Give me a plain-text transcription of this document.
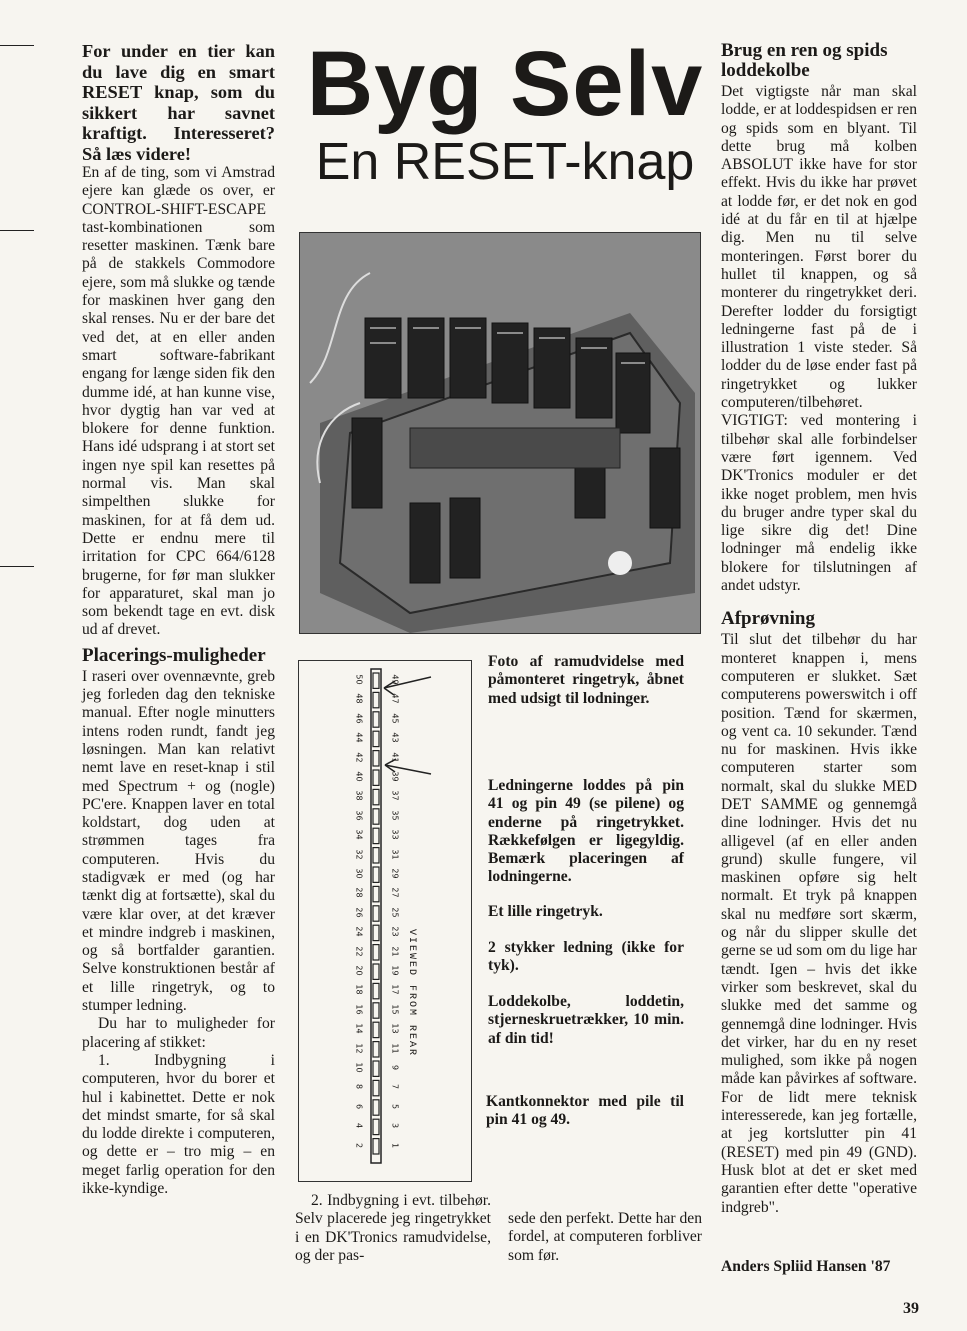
For under en tier kan du lave dig en smart RESET knap, som du sikkert har savnet kraftigt. Interesseret? Så læs videre!

En af de ting, som vi Amstrad ejere kan glæde os over, er CONTROL-SHIFT-ESCAPE tast-kombinationen som resetter maskinen. Tænk bare på de stakkels Commodore ejere, som må slukke og tænde for maskinen hver gang den skal renses. Nu er der bare det ved det, at en eller anden smart software-fabrikant engang for længe siden fik den dumme idé, at han kunne vise, hvor dygtig han var ved at blokere for denne funktion. Hans idé udsprang i at stort set ingen nye spil kan resettes på normal vis. Man skal simpelthen slukke for maskinen, for at få dem ud. Dette er endnu mere til irritation for CPC 664/6128 brugerne, for før man slukker for apparaturet, skal man jo som bekendt tage en evt. disk ud af drevet.

Placerings-muligheder

I raseri over ovennævnte, greb jeg forleden dag den tekniske manual. Efter nogle minutters intens roden rundt, fandt jeg løsningen. Man kan relativt nemt lave en reset-knap i stil med Spectrum + og (nogle) PC'ere. Knappen laver en total koldstart, dog uden at strømmen tages fra computeren. Hvis du stadigvæk er med (og har tænkt dig at fortsætte), skal du være klar over, at det kræver et mindre indgreb i maskinen, og så bortfalder garantien. Selve konstruktionen består af et lille ringetryk, og to stumper ledning.

Du har to muligheder for placering af stikket:

1. Indbygning i computeren, hvor du borer et hul i kabinettet. Dette er nok det mindst smarte, for så skal du lodde direkte i computeren, og dette er – tro mig – en meget farlig operation for den ikke-kyndige.

Byg Selv
En RESET-knap
50
48
46
44
42
40
38
36
34
32
30
28
26
24
22
20
18
16
14
12
10
8
6
4
2
49
47
45
43
41
39
37
35
33
31
29
27
25
23
21
19
17
15
13
11
9
7
5
3
1
VIEWED FROM REAR
Foto af ramudvidelse med påmonteret ringetryk, åbnet med udsigt til lodninger.
Ledningerne loddes på pin 41 og pin 49 (se pilene) og enderne på ringetrykket. Rækkefølgen er ligegyldig. Bemærk placeringen af lodningerne.
Et lille ringetryk.
2 stykker ledning (ikke for tyk).
Loddekolbe, loddetin, stjerneskruetrækker, 10 min. af din tid!
Kantkonnektor med pile til pin 41 og 49.

2. Indbygning i evt. tilbehør. Selv placerede jeg ringetrykket i en DK'Tronics ramudvidelse, og der pas-

sede den perfekt. Dette har den fordel, at computeren forbliver som før.

Brug en ren og spids loddekolbe

Det vigtigste når man skal lodde, er at loddespidsen er ren og spids som en blyant. Til dette brug må kolben ABSOLUT ikke have for stor effekt. Hvis du ikke har prøvet at lodde før, er det nok en god idé at du får en til at hjælpe dig. Men nu til selve monteringen. Først borer du hullet til knappen, og så monterer du ringetrykket deri. Derefter lodder du forsigtigt ledningerne fast på de i illustration 1 viste steder. Så lodder du de løse ender fast på ringetrykket og lukker computeren/tilbehøret.

VIGTIGT: ved montering i tilbehør skal alle forbindelser være ført igennem. Ved DK'Tronics moduler er det ikke noget problem, men hvis du bruger andre typer skal du lige sikre dig det! Dine lodninger må endelig ikke blokere for tilslutningen af andet udstyr.

Afprøvning

Til slut det tilbehør du har monteret knappen i, mens computeren er slukket. Sæt computerens powerswitch i off position. Tænd for skærmen, og vent ca. 10 sekunder. Tænd nu for maskinen. Hvis ikke computeren starter som normalt, skal du slukke MED DET SAMME og gennemgå dine lodninger. Hvis det nu alligevel (af en eller anden grund) skulle fungere, vil maskinen opføre sig helt normalt. Et tryk på knappen skal nu medføre sort skærm, og når du slipper skulle det gerne se ud som om du lige har tændt. Igen – hvis det ikke virker som beskrevet, skal du slukke med det samme og gennemgå dine lodninger. Hvis det virker, har du en ny reset mulighed, som ikke på nogen måde kan påvirkes af software. For de lidt mere teknisk interesserede, kan jeg fortælle, at jeg kortslutter pin 41 (RESET) med pin 49 (GND). Husk blot at det er sket med garantien efter dette "operative indgreb".

Anders Spliid Hansen '87
39
